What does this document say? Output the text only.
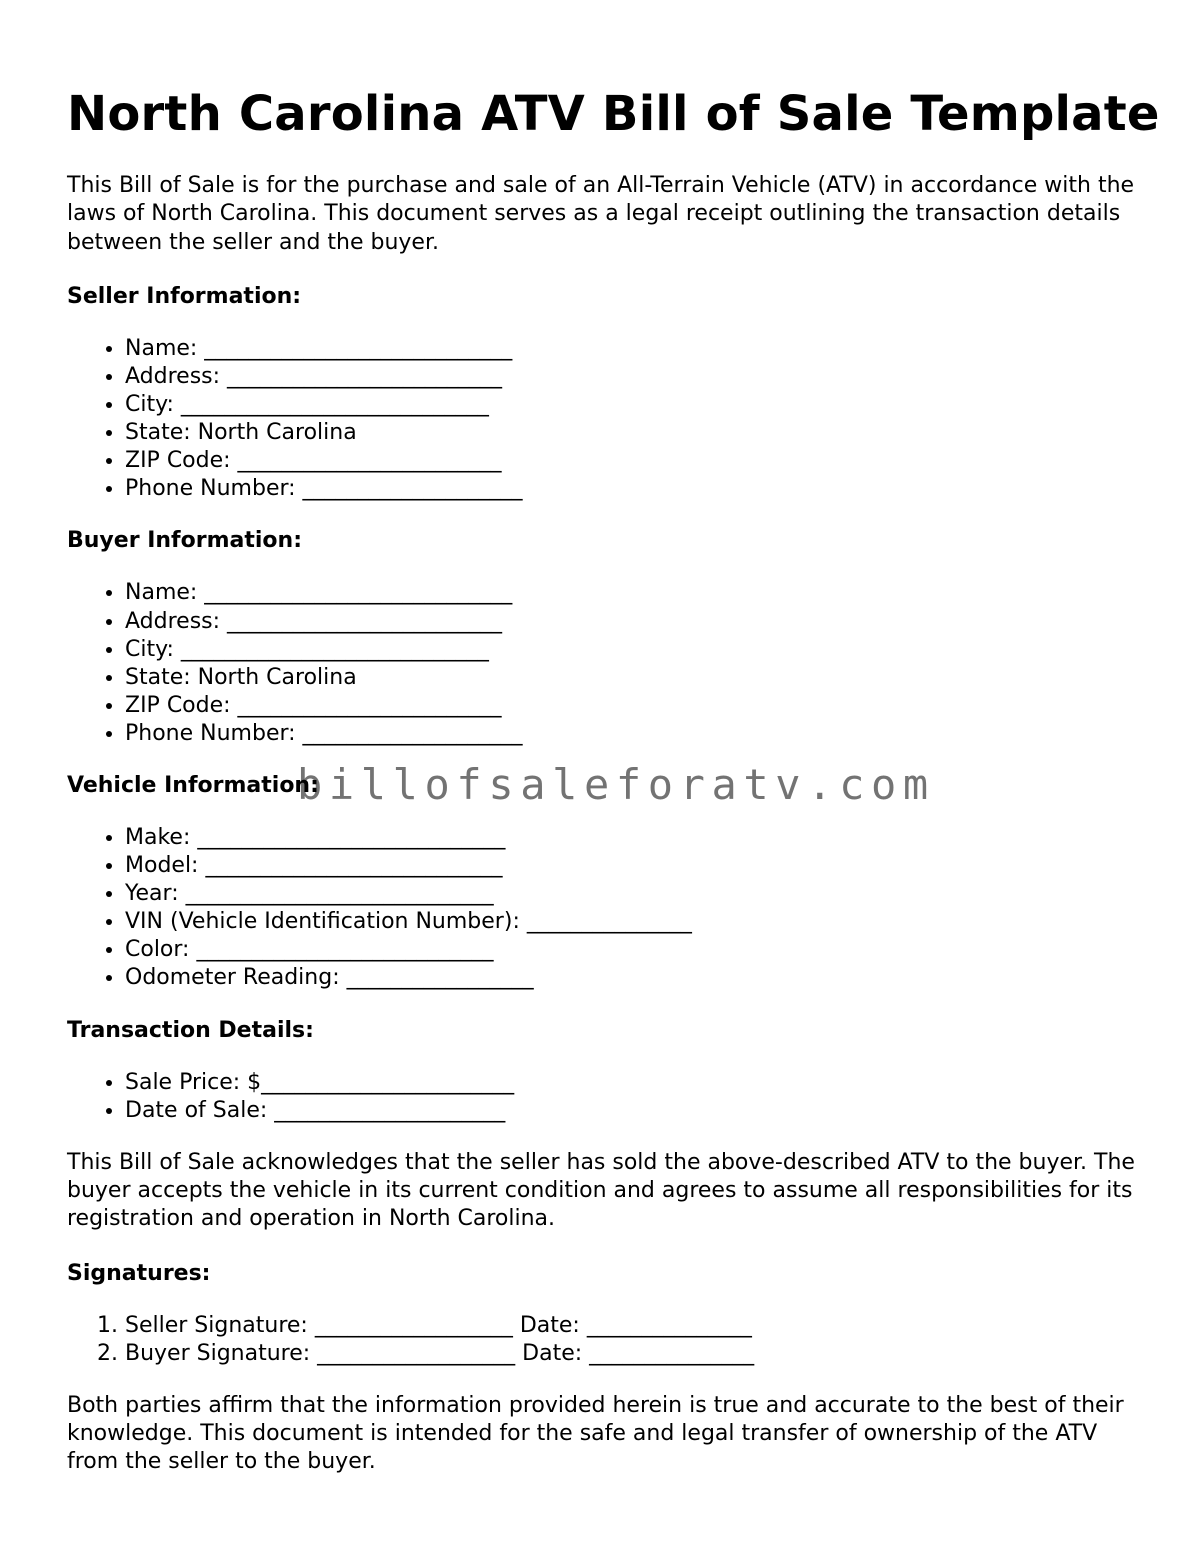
North Carolina ATV Bill of Sale Template

This Bill of Sale is for the purchase and sale of an All-Terrain Vehicle (ATV) in accordance with the laws of North Carolina. This document serves as a legal receipt outlining the transaction details between the seller and the buyer.

Seller Information:
• Name: ____________________________
• Address: _________________________
• City: ____________________________
• State: North Carolina
• ZIP Code: ________________________
• Phone Number: ____________________
Buyer Information:
• Name: ____________________________
• Address: _________________________
• City: ____________________________
• State: North Carolina
• ZIP Code: ________________________
• Phone Number: ____________________
Vehicle Information:
• Make: ____________________________
• Model: ___________________________
• Year: ____________________________
• VIN (Vehicle Identification Number): _______________
• Color: ___________________________
• Odometer Reading: _________________
Transaction Details:
• Sale Price: $_______________________
• Date of Sale: _____________________

This Bill of Sale acknowledges that the seller has sold the above-described ATV to the buyer. The buyer accepts the vehicle in its current condition and agrees to assume all responsibilities for its registration and operation in North Carolina.

Signatures:
1. Seller Signature: __________________ Date: _______________
2. Buyer Signature: __________________ Date: _______________

Both parties affirm that the information provided herein is true and accurate to the best of their knowledge. This document is intended for the safe and legal transfer of ownership of the ATV from the seller to the buyer.

billofsaleforatv.com
